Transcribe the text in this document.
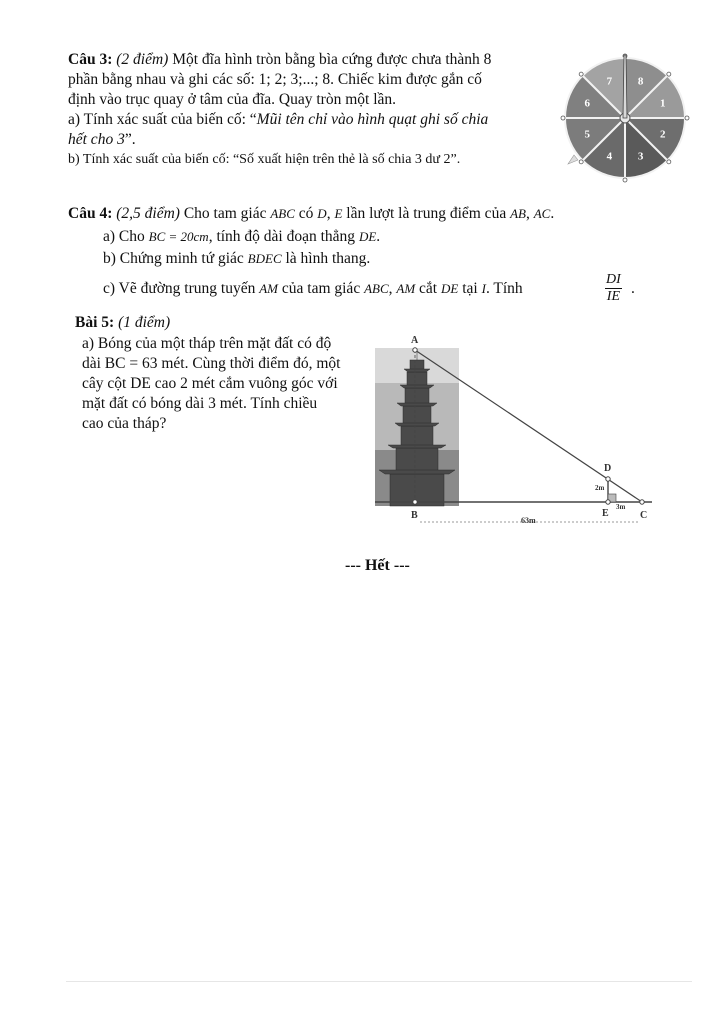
Câu 3: (2 điểm) Một đĩa hình tròn bằng bìa cứng được chưa thành 8
phần bằng nhau và ghi các số: 1; 2; 3;...; 8. Chiếc kim được gắn cố
định vào trục quay ở tâm của đĩa. Quay tròn một lần.
a) Tính xác suất của biến cố: “Mũi tên chỉ vào hình quạt ghi số chia
hết cho 3”.
b) Tính xác suất của biến cố: “Số xuất hiện trên thẻ là số chia 3 dư 2”.
8
1
2
3
4
5
6
7
Câu 4: (2,5 điểm) Cho tam giác ABC có D, E lần lượt là trung điểm của AB, AC.
a) Cho BC = 20cm, tính độ dài đoạn thẳng DE.
b) Chứng minh tứ giác BDEC là hình thang.
c) Vẽ đường trung tuyến AM của tam giác ABC, AM cắt DE tại I. Tính
DI
IE .
Bài 5: (1 điểm)
a) Bóng của một tháp trên mặt đất có độ
dài BC = 63 mét. Cùng thời điểm đó, một
cây cột DE cao 2 mét cắm vuông góc với
mặt đất có bóng dài 3 mét. Tính chiều
cao của tháp?
A
B
D
E	C
2m
3m
63m
--- Hết ---
